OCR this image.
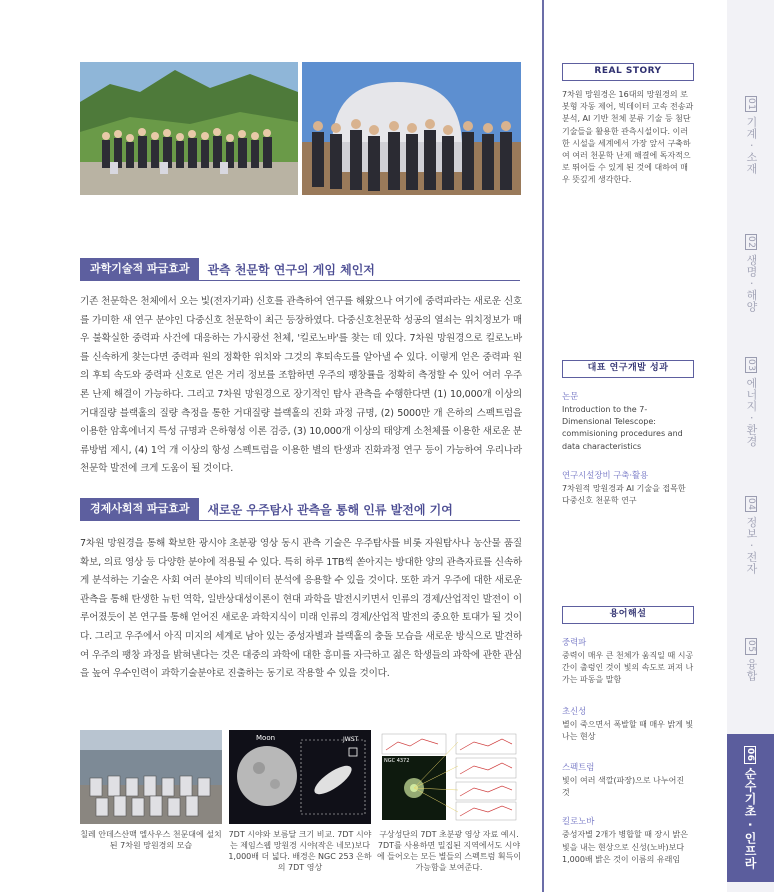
과학기술적 파급효과	관측 천문학 연구의 게임 체인저

기존 천문학은 천체에서 오는 빛(전자기파) 신호를 관측하여 연구를 해왔으나 여기에 중력파라는 새로운 신호를 가미한 새 연구 분야인 다중신호 천문학이 최근 등장하였다. 다중신호천문학 성공의 열쇠는 위치정보가 매우 불확실한 중력파 사건에 대응하는 가시광선 천체, '킬로노바'를 찾는 데 있다. 7차원 망원경으로 킬로노바를 신속하게 찾는다면 중력파 원의 정확한 위치와 그것의 후퇴속도를 알아낼 수 있다. 이렇게 얻은 중력파 원의 후퇴 속도와 중력파 신호로 얻은 거리 정보를 조합하면 우주의 팽창률을 정확히 측정할 수 있어 여러 우주론 난제 해결이 가능하다. 그리고 7차원 망원경으로 장기적인 탐사 관측을 수행한다면 (1) 10,000개 이상의 거대질량 블랙홀의 질량 측정을 통한 거대질량 블랙홀의 진화 과정 규명, (2) 5000만 개 은하의 스펙트럼을 이용한 암흑에너지 특성 규명과 은하형성 이론 검증, (3) 10,000개 이상의 태양계 소천체를 이용한 새로운 분류방법 제시, (4) 1억 개 이상의 항성 스펙트럼을 이용한 별의 탄생과 진화과정 연구 등이 가능하여 우리나라 천문학 발전에 크게 도움이 될 것이다.

경제사회적 파급효과	새로운 우주탐사 관측을 통해 인류 발전에 기여

7차원 망원경을 통해 확보한 광시야 초분광 영상 동시 관측 기술은 우주탐사를 비롯 자원탐사나 농산물 품질 확보, 의료 영상 등 다양한 분야에 적용될 수 있다. 특히 하루 1TB씩 쏟아지는 방대한 양의 관측자료를 신속하게 분석하는 기술은 사회 여러 분야의 빅데이터 분석에 응용할 수 있을 것이다. 또한 과거 우주에 대한 새로운 관측을 통해 탄생한 뉴턴 역학, 일반상대성이론이 현대 과학을 발전시키면서 인류의 경제/산업적인 발전이 이루어졌듯이 본 연구를 통해 얻어진 새로운 과학지식이 미래 인류의 경제/산업적 발전의 중요한 토대가 될 것이다. 그리고 우주에서 아직 미지의 세계로 남아 있는 중성자별과 블랙홀의 충돌 모습을 새로운 방식으로 발견하여 우주의 팽창 과정을 밝혀낸다는 것은 대중의 과학에 대한 흥미를 자극하고 젊은 학생들의 과학에 관한 관심을 높여 우수인력이 과학기술분야로 진출하는 동기로 작용할 수 있을 것이다.

Moon	JWST
NGC 4372
칠레 안데스산맥 엘사우스 천문대에 설치된 7차원 망원경의 모습
7DT 시야와 보름달 크기 비교. 7DT 시야는 제임스웹 망원경 시야(작은 네모)보다 1,000배 더 넓다. 배경은 NGC 253 은하의 7DT 영상
구상성단의 7DT 초분광 영상 자료 예시. 7DT를 사용하면 밀집된 지역에서도 시야에 들어오는 모든 별들의 스펙트럼 획득이 가능함을 보여준다.
REAL STORY

7차원 망원경은 16대의 망원경의 로봇형 자동 제어, 빅데이터 고속 전송과 분석, AI 기반 천체 분류 기술 등 첨단 기술들을 활용한 관측시설이다. 이러한 시설을 세계에서 가장 앞서 구축하여 여러 천문학 난제 해결에 독자적으로 뛰어들 수 있게 된 것에 대하여 매우 뜻깊게 생각한다.

대표 연구개발 성과
논문

Introduction to the 7-Dimensional Telescope: commisioning procedures and data characteristics

연구시설장비 구축·활용

7차원적 망원경과 AI 기술을 접목한 다중신호 천문학 연구

용어해설
중력파

중력이 매우 큰 천체가 움직일 때 시공간이 출렁인 것이 빛의 속도로 퍼져 나가는 파동을 말함

초신성

별이 죽으면서 폭발할 때 매우 밝게 빛나는 현상

스펙트럼

빛이 여러 색깔(파장)으로 나누어진 것

킬로노바

중성자별 2개가 병합할 때 장시 밝은 빛을 내는 현상으로 신성(노바)보다 1,000배 밝은 것이 이름의 유래임

01기계 · 소재
02생명 · 해양
03에너지 · 환경
04정보 · 전자
05융합
06순수기초 · 인프라
